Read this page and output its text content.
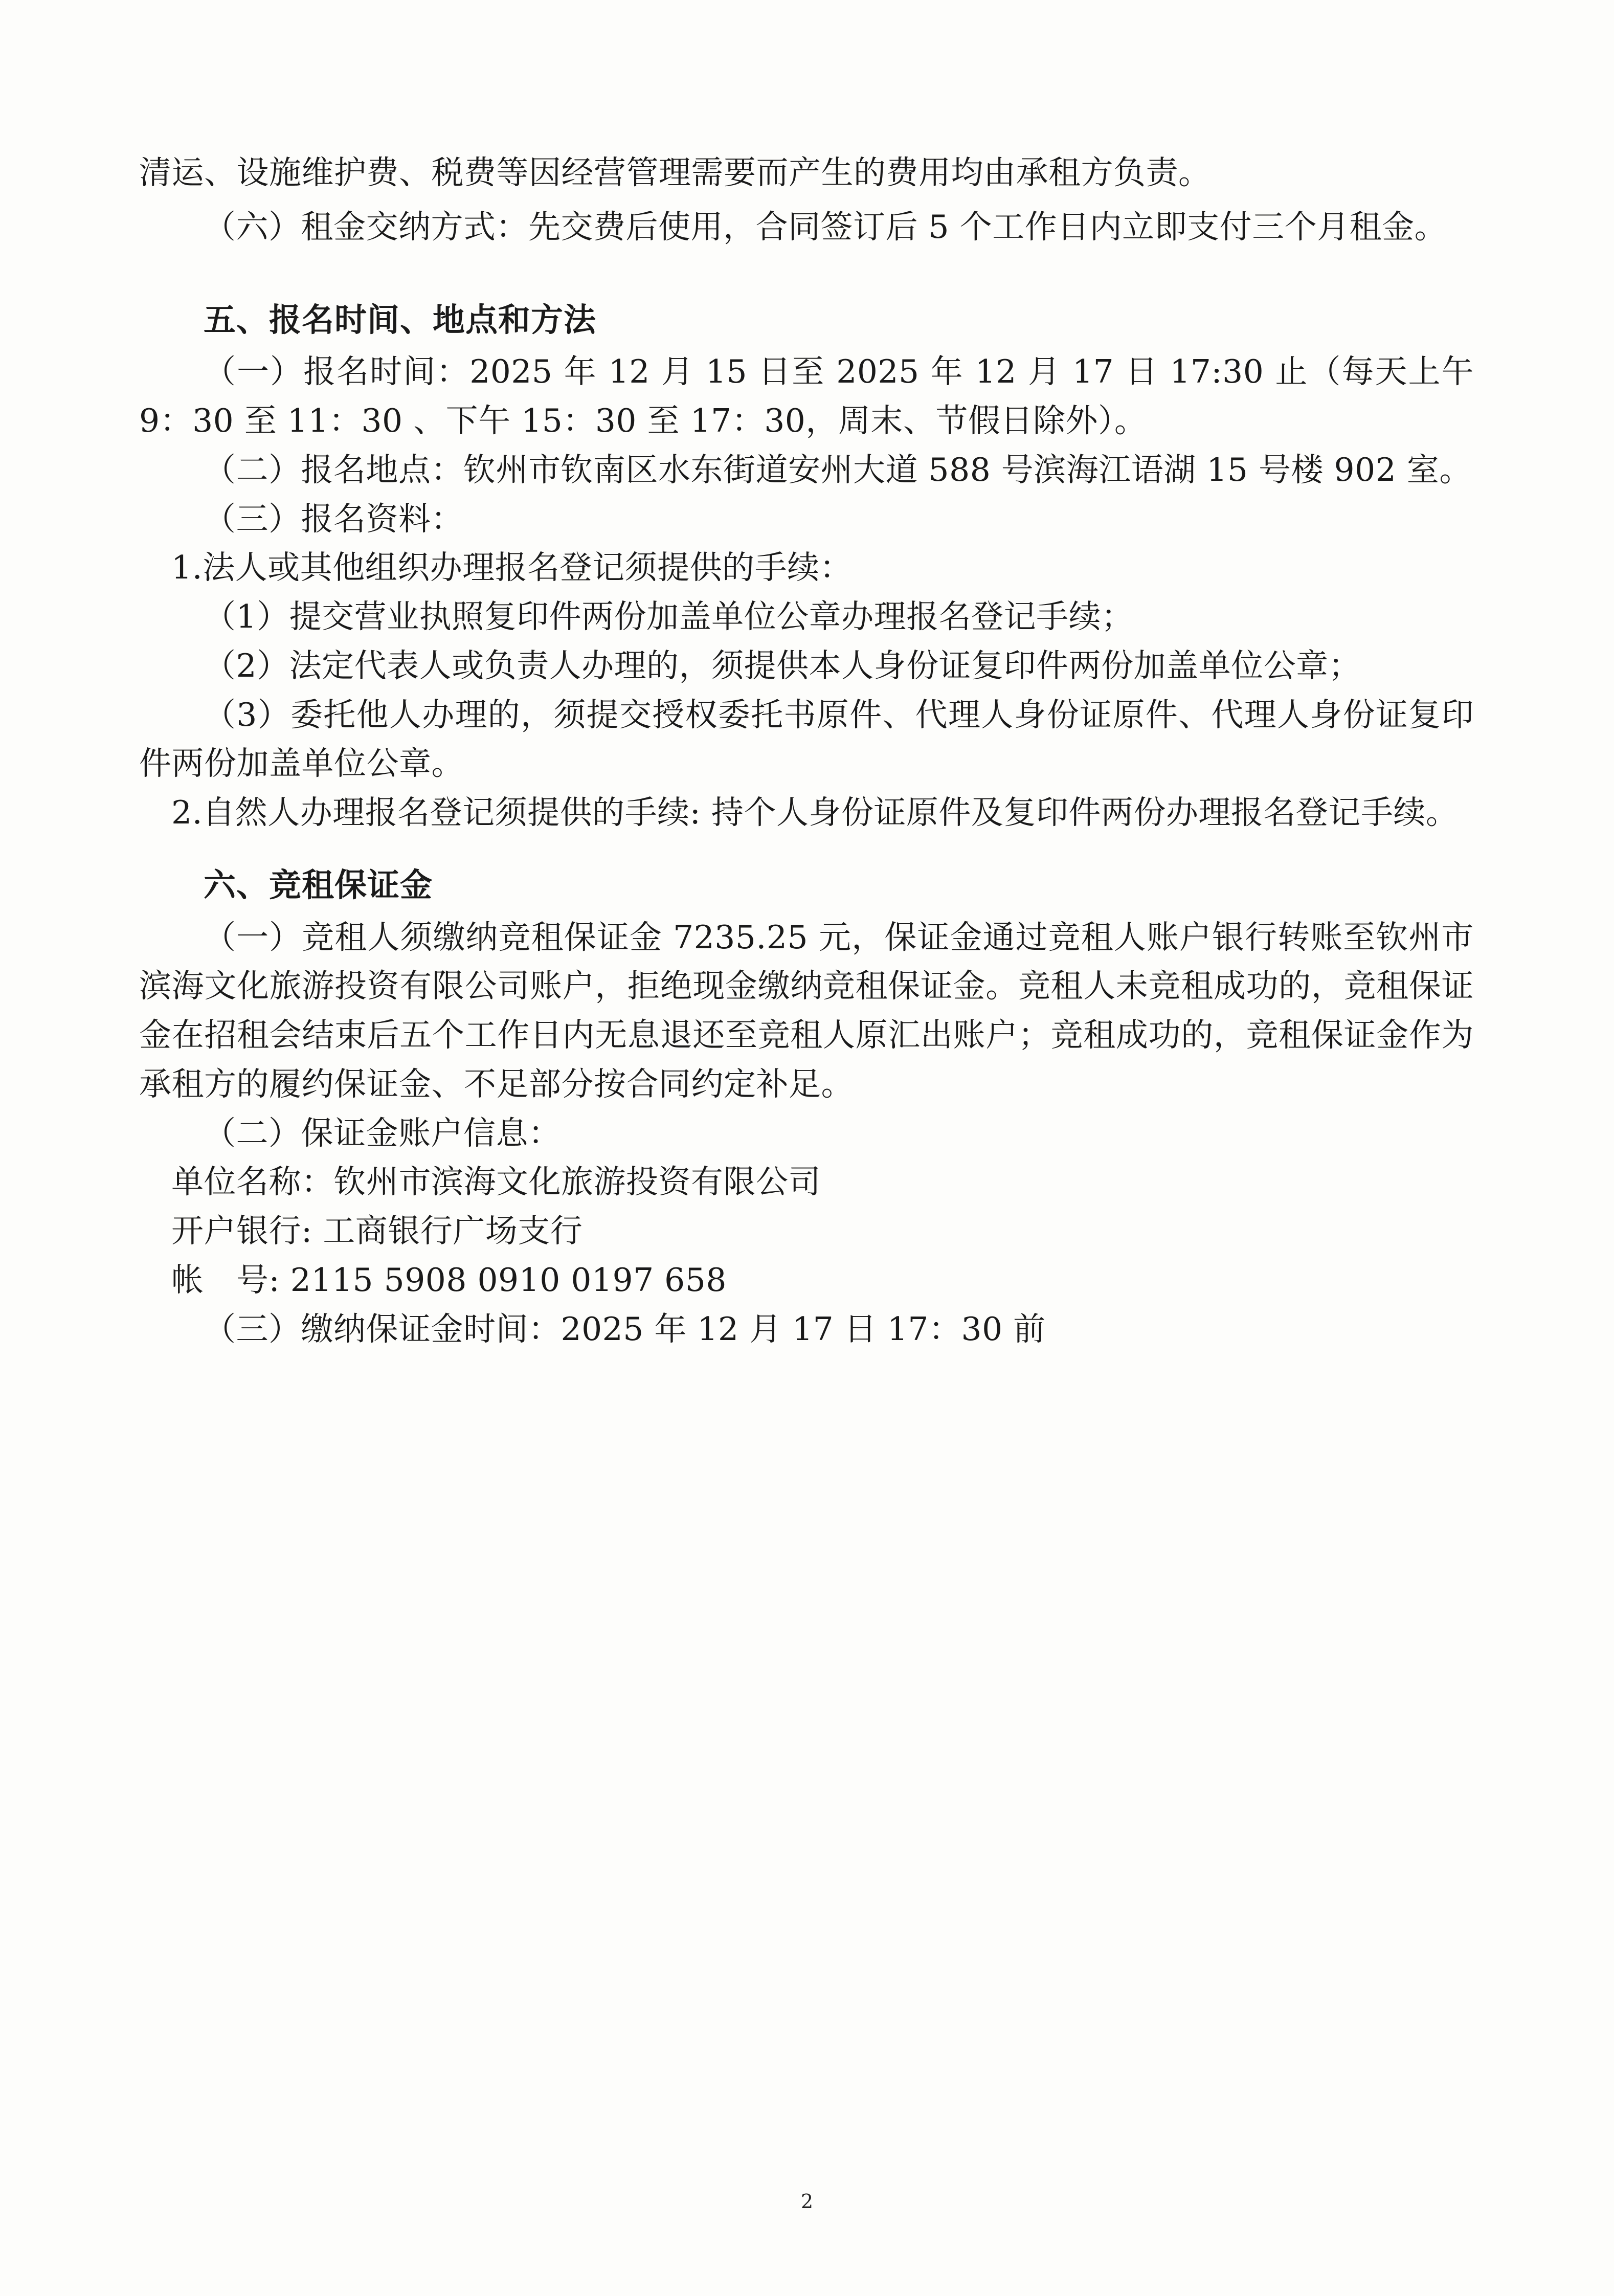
清运、设施维护费、税费等因经营管理需要而产生的费用均由承租方负责。

（六）租金交纳方式：先交费后使用，合同签订后 5 个工作日内立即支付三个月租金。

五、报名时间、地点和方法

（一）报名时间：2025 年 12 月 15 日至 2025 年 12 月 17 日 17:30 止（每天上午 9：30 至 11：30 、下午 15：30 至 17：30，周末、节假日除外）。

（二）报名地点：钦州市钦南区水东街道安州大道 588 号滨海江语湖 15 号楼 902 室。

（三）报名资料：

1.法人或其他组织办理报名登记须提供的手续：

（1）提交营业执照复印件两份加盖单位公章办理报名登记手续；

（2）法定代表人或负责人办理的，须提供本人身份证复印件两份加盖单位公章；

（3）委托他人办理的，须提交授权委托书原件、代理人身份证原件、代理人身份证复印件两份加盖单位公章。

2.自然人办理报名登记须提供的手续: 持个人身份证原件及复印件两份办理报名登记手续。

六、竞租保证金

（一）竞租人须缴纳竞租保证金 7235.25 元，保证金通过竞租人账户银行转账至钦州市滨海文化旅游投资有限公司账户，拒绝现金缴纳竞租保证金。竞租人未竞租成功的，竞租保证金在招租会结束后五个工作日内无息退还至竞租人原汇出账户；竞租成功的，竞租保证金作为承租方的履约保证金、不足部分按合同约定补足。

（二）保证金账户信息：

单位名称：钦州市滨海文化旅游投资有限公司

开户银行: 工商银行广场支行

帐　号: 2115 5908 0910 0197 658

（三）缴纳保证金时间：2025 年 12 月 17 日 17：30 前

2
